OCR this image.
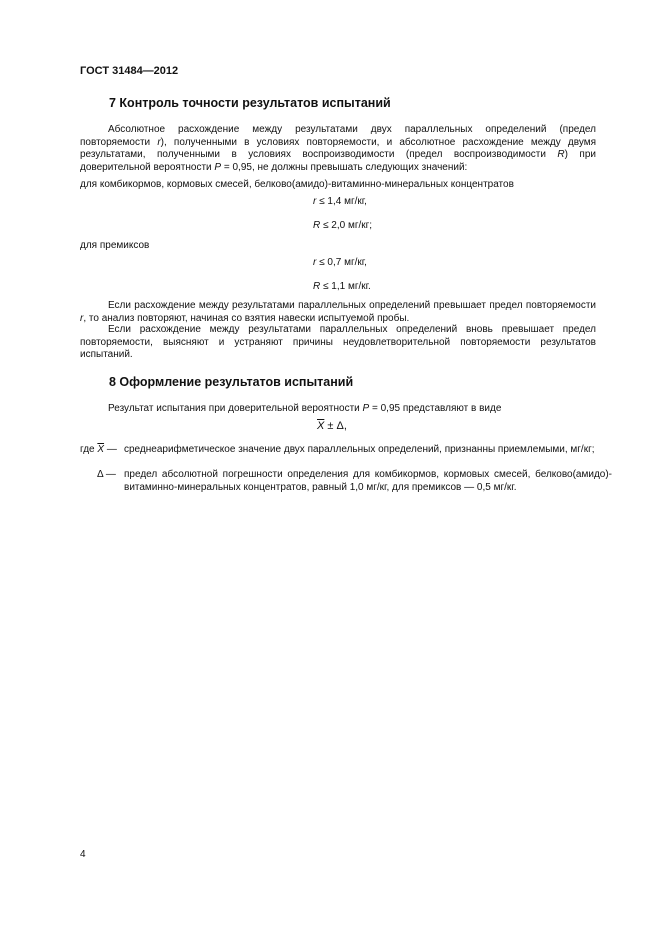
ГОСТ 31484—2012
7 Контроль точности результатов испытаний
Абсолютное расхождение между результатами двух параллельных определений (предел повторяемости r), полученными в условиях повторяемости, и абсолютное расхождение между двумя результатами, полученными в условиях воспроизводимости (предел воспроизводимости R) при доверительной вероятности P = 0,95, не должны превышать следующих значений:
для комбикормов, кормовых смесей, белково(амидо)-витаминно-минеральных концентратов
r ≤ 1,4 мг/кг,
R ≤ 2,0 мг/кг;
для премиксов
r ≤ 0,7 мг/кг,
R ≤ 1,1 мг/кг.
Если расхождение между результатами параллельных определений превышает предел повторяемости r, то анализ повторяют, начиная со взятия навески испытуемой пробы.
Если расхождение между результатами параллельных определений вновь превышает предел повторяемости, выясняют и устраняют причины неудовлетворительной повторяемости результатов испытаний.
8 Оформление результатов испытаний
Результат испытания при доверительной вероятности P = 0,95 представляют в виде
$\overline{X} \pm \Delta$,
где $\overline{X}$ — среднеарифметическое значение двух параллельных определений, признанны приемлемыми, мг/кг;
Δ — предел абсолютной погрешности определения для комбикормов, кормовых смесей, белково(амидо)-витаминно-минеральных концентратов, равный 1,0 мг/кг, для премиксов — 0,5 мг/кг.
4
